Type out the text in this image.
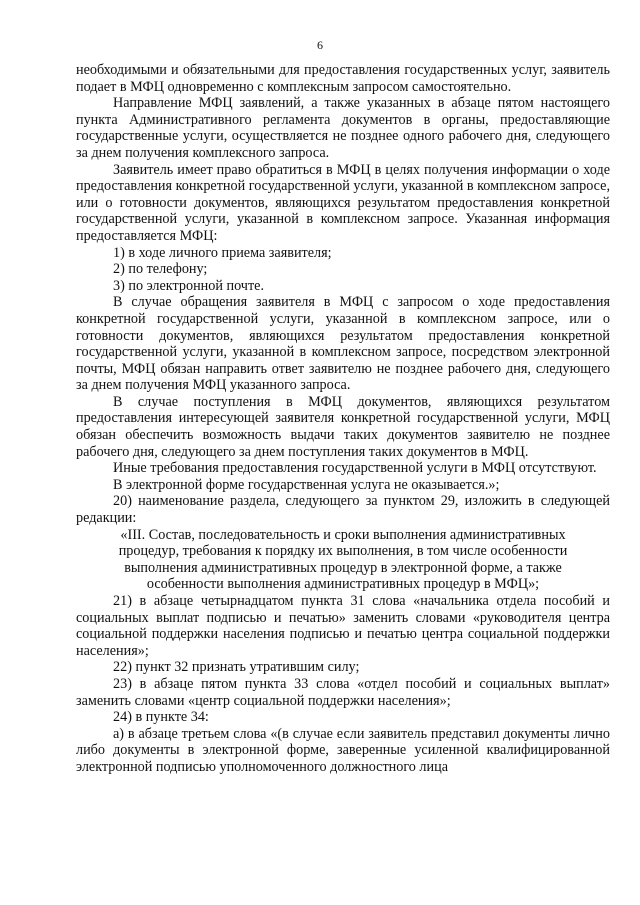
6

необходимыми и обязательными для предоставления государственных услуг, заявитель подает в МФЦ одновременно с комплексным запросом самостоятельно.

Направление МФЦ заявлений, а также указанных в абзаце пятом настоящего пункта Административного регламента документов в органы, предоставляющие государственные услуги, осуществляется не позднее одного рабочего дня, следующего за днем получения комплексного запроса.

Заявитель имеет право обратиться в МФЦ в целях получения информации о ходе предоставления конкретной государственной услуги, указанной в комплексном запросе, или о готовности документов, являющихся результатом предоставления конкретной государственной услуги, указанной в комплексном запросе. Указанная информация предоставляется МФЦ:

1) в ходе личного приема заявителя;

2) по телефону;

3) по электронной почте.

В случае обращения заявителя в МФЦ с запросом о ходе предоставления конкретной государственной услуги, указанной в комплексном запросе, или о готовности документов, являющихся результатом предоставления конкретной государственной услуги, указанной в комплексном запросе, посредством электронной почты, МФЦ обязан направить ответ заявителю не позднее рабочего дня, следующего за днем получения МФЦ указанного запроса.

В случае поступления в МФЦ документов, являющихся результатом предоставления интересующей заявителя конкретной государственной услуги, МФЦ обязан обеспечить возможность выдачи таких документов заявителю не позднее рабочего дня, следующего за днем поступления таких документов в МФЦ.

Иные требования предоставления государственной услуги в МФЦ отсутствуют.

В электронной форме государственная услуга не оказывается.»;

20) наименование раздела, следующего за пунктом 29, изложить в следующей редакции:

«III. Состав, последовательность и сроки выполнения административных

процедур, требования к порядку их выполнения, в том числе особенности

выполнения административных процедур в электронной форме, а также

особенности выполнения административных процедур в МФЦ»;

21) в абзаце четырнадцатом пункта 31 слова «начальника отдела пособий и социальных выплат подписью и печатью» заменить словами «руководителя центра социальной поддержки населения подписью и печатью центра социальной поддержки населения»;

22) пункт 32 признать утратившим силу;

23) в абзаце пятом пункта 33 слова «отдел пособий и социальных выплат» заменить словами «центр социальной поддержки населения»;

24) в пункте 34:

а) в абзаце третьем слова «(в случае если заявитель представил документы лично либо документы в электронной форме, заверенные усиленной квалифицированной электронной подписью уполномоченного должностного лица
